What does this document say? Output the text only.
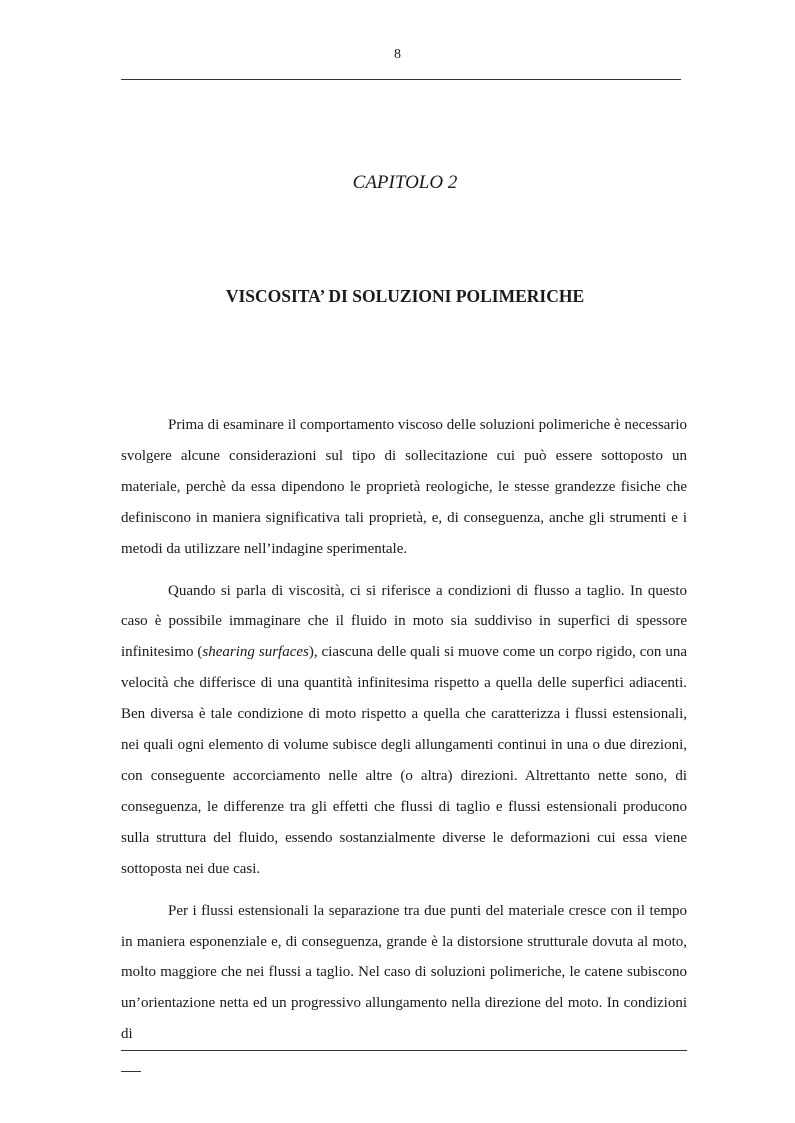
8
CAPITOLO 2
VISCOSITA’ DI SOLUZIONI POLIMERICHE

Prima di esaminare il comportamento viscoso delle soluzioni polimeriche è necessario svolgere alcune considerazioni sul tipo di sollecitazione cui può essere sottoposto un materiale, perchè da essa dipendono le proprietà reologiche, le stesse grandezze fisiche che definiscono in maniera significativa tali proprietà, e, di conseguenza, anche gli strumenti e i metodi da utilizzare nell’indagine sperimentale.

Quando si parla di viscosità, ci si riferisce a condizioni di flusso a taglio. In questo caso è possibile immaginare che il fluido in moto sia suddiviso in superfici di spessore infinitesimo (shearing surfaces), ciascuna delle quali si muove come un corpo rigido, con una velocità che differisce di una quantità infinitesima rispetto a quella delle superfici adiacenti. Ben diversa è tale condizione di moto rispetto a quella che caratterizza i flussi estensionali, nei quali ogni elemento di volume subisce degli allungamenti continui in una o due direzioni, con conseguente accorciamento nelle altre (o altra) direzioni. Altrettanto nette sono, di conseguenza, le differenze tra gli effetti che flussi di taglio e flussi estensionali producono sulla struttura del fluido, essendo sostanzialmente diverse le deformazioni cui essa viene sottoposta nei due casi.

Per i flussi estensionali la separazione tra due punti del materiale cresce con il tempo in maniera esponenziale e, di conseguenza, grande è la distorsione strutturale dovuta al moto, molto maggiore che nei flussi a taglio. Nel caso di soluzioni polimeriche, le catene subiscono un’orientazione netta ed un progressivo allungamento nella direzione del moto. In condizioni di
